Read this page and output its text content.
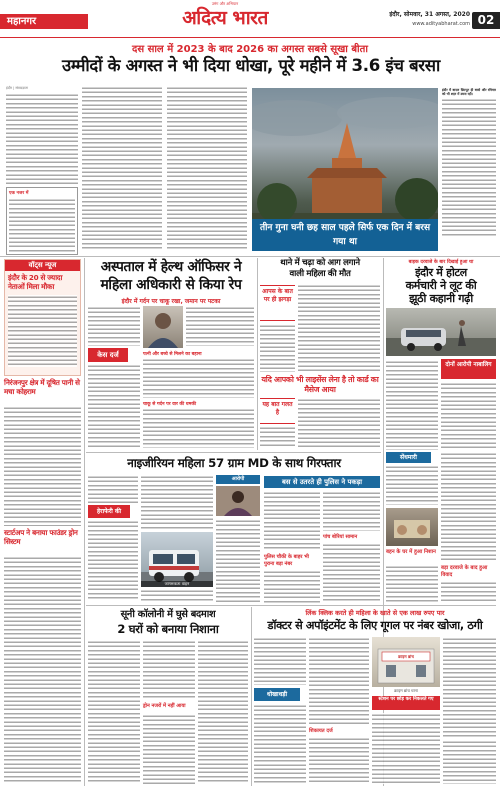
महानगर
उमंग और अभियान
अदित्य भारत	इंदौर, सोमवार, 31 अगस्त, 2020
www.adityabharat.com 02
दस साल में 2023 के बाद 2026 का अगस्त सबसे सूखा बीता
उम्मीदों के अगस्त ने भी दिया धोखा, पूरे महीने में 3.6 इंच बरसा
इंदौर | संवाददाता
एक नजर में
तीन गुना घनी छह साल पहले सिर्फ एक दिन में बरस गया था
इंदौर में बादल छिटपुट ही बरसे और रविवार को भी शहर में उमस रही।
वॉट्स न्यूज
इंदौर के 20 से ज्यादा नेताओं मिला मौका
निरंजनपुर क्षेत्र में दूषित पानी से मचा कोहराम
स्टार्टअप ने बनाया फाउंडर ड्रोन सिस्टम
अस्पताल में हेल्थ ऑफिसर ने
महिला अधिकारी से किया रेप
इंदौर में गर्दन पर चाकू रखा, जमान पर पटका
केस दर्ज	पत्नी और बच्चे से मिलने का बहाना
चाकू से गर्दन पर वार की धमकी
थाने में चढ़ा को आग लगाने
वाली महिला की मौत
आपस के बात पर ही झगड़ा
यदि आपको भी लाइसेंस लेना है तो कार्ड का मैसेज आया
यह बात गलत है
बाइक दरवाजे के बार दिखाई हुआ था
इंदौर में होटल
कर्मचारी ने लूट की
झूठी कहानी गढ़ी
दोनों आरोपी नाबालिग
सेंधमारी
बहन के घर में हुआ निशान
बड़ा दरवाजे के बाद हुआ विवाद
नाइजीरियन महिला 57 ग्राम MD के साथ गिरफ्तार
हेराफेरी की
जागरूकता वाहन
आरोपी	बस से उतरते ही पुलिस ने पकड़ा
पांच बोरियां सामान
पुलिस चौकी के बाहर भी पुराना बड़ा नंबर
सूनी कॉलोनी में घुसे बदमाश
2 घरों को बनाया निशाना
ड्रोन नजरों में नहीं आया
लिंक क्लिक करते ही महिला के खाते से एक लाख रुपए पार
डॉक्टर से अपॉइंटमेंट के लिए गूगल पर नंबर खोजा, ठगी
धोखाधड़ी
क्राइम ब्रांच
क्राइम ब्रांच थाना
शिकायत दर्ज
स्टेशन पर छोड़ कर निकलते गए
